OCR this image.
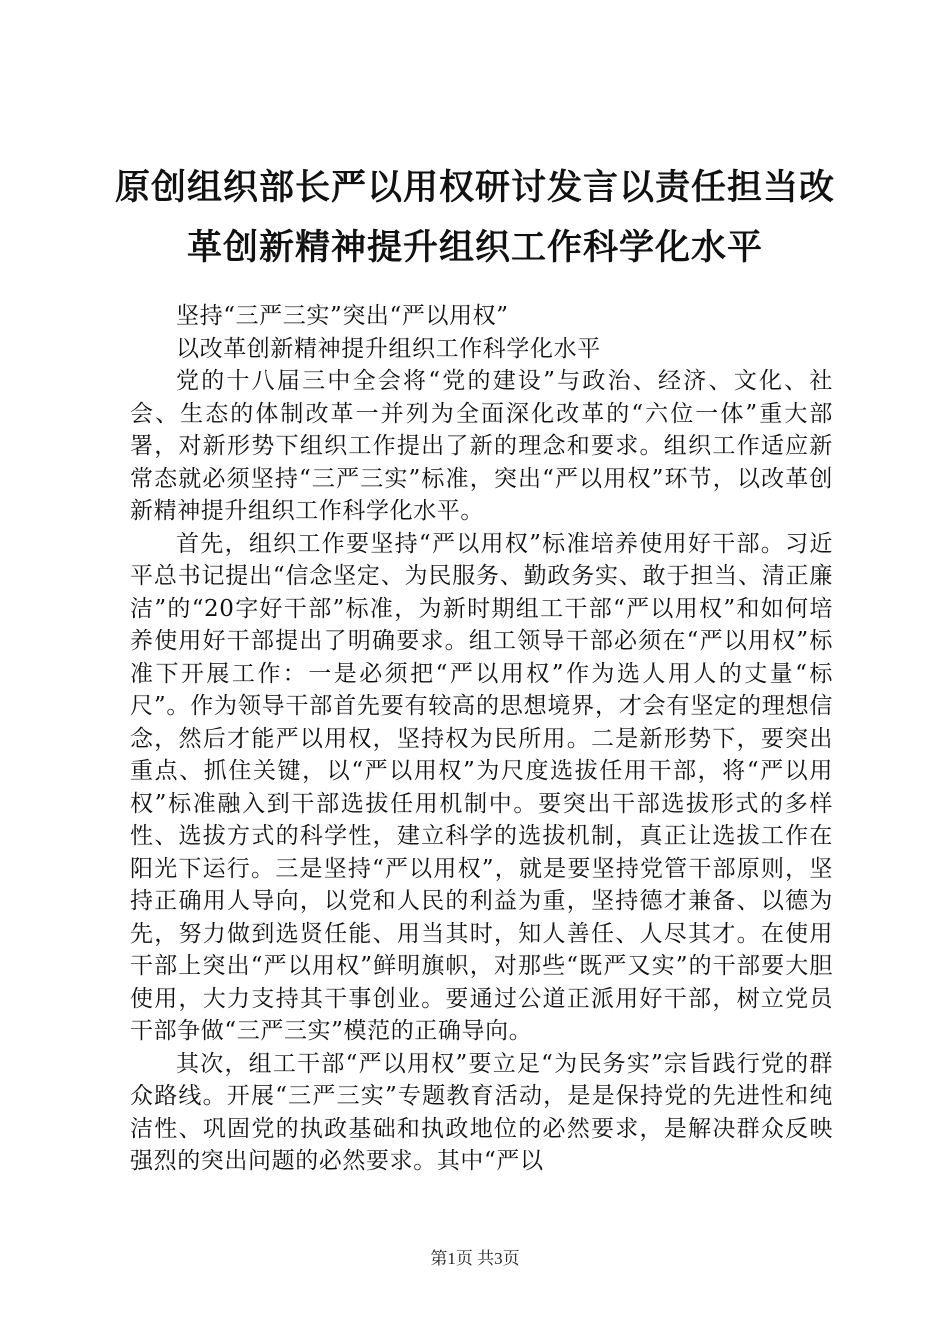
原创组织部长严以用权研讨发言以责任担当改革创新精神提升组织工作科学化水平

坚持“三严三实”突出“严以用权”

以改革创新精神提升组织工作科学化水平

党的十八届三中全会将“党的建设”与政治、经济、文化、社会、生态的体制改革一并列为全面深化改革的“六位一体”重大部署，对新形势下组织工作提出了新的理念和要求。组织工作适应新常态就必须坚持“三严三实”标准，突出“严以用权”环节，以改革创新精神提升组织工作科学化水平。

首先，组织工作要坚持“严以用权”标准培养使用好干部。习近平总书记提出“信念坚定、为民服务、勤政务实、敢于担当、清正廉洁”的“20字好干部”标准，为新时期组工干部“严以用权”和如何培养使用好干部提出了明确要求。组工领导干部必须在“严以用权”标准下开展工作：一是必须把“严以用权”作为选人用人的丈量“标尺”。作为领导干部首先要有较高的思想境界，才会有坚定的理想信念，然后才能严以用权，坚持权为民所用。二是新形势下，要突出重点、抓住关键，以“严以用权”为尺度选拔任用干部，将“严以用权”标准融入到干部选拔任用机制中。要突出干部选拔形式的多样性、选拔方式的科学性，建立科学的选拔机制，真正让选拔工作在阳光下运行。三是坚持“严以用权”，就是要坚持党管干部原则，坚持正确用人导向，以党和人民的利益为重，坚持德才兼备、以德为先，努力做到选贤任能、用当其时，知人善任、人尽其才。在使用干部上突出“严以用权”鲜明旗帜，对那些“既严又实”的干部要大胆使用，大力支持其干事创业。要通过公道正派用好干部，树立党员干部争做“三严三实”模范的正确导向。

其次，组工干部“严以用权”要立足“为民务实”宗旨践行党的群众路线。开展“三严三实”专题教育活动，是是保持党的先进性和纯洁性、巩固党的执政基础和执政地位的必然要求，是解决群众反映强烈的突出问题的必然要求。其中“严以

第1页 共3页
